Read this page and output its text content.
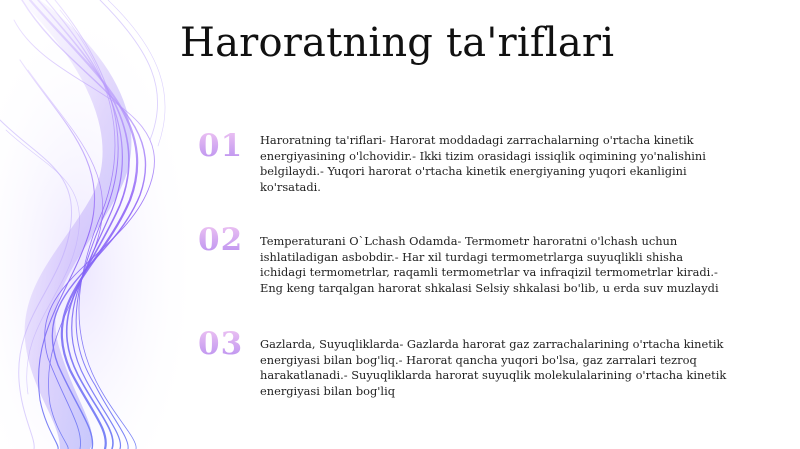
Haroratning ta'riflari
01 Haroratning ta'riflari- Harorat moddadagi zarrachalarning o'rtacha kinetik energiyasining o'lchovidir.- Ikki tizim orasidagi issiqlik oqimining yo'nalishini belgilaydi.- Yuqori harorat o'rtacha kinetik energiyaning yuqori ekanligini ko'rsatadi.
02 Temperaturani O`Lchash Odamda- Termometr haroratni o'lchash uchun ishlatiladigan asbobdir.- Har xil turdagi termometrlarga suyuqlikli shisha ichidagi termometrlar, raqamli termometrlar va infraqizil termometrlar kiradi.- Eng keng tarqalgan harorat shkalasi Selsiy shkalasi bo'lib, u erda suv muzlaydi
03 Gazlarda, Suyuqliklarda- Gazlarda harorat gaz zarrachalarining o'rtacha kinetik energiyasi bilan bog'liq.- Harorat qancha yuqori bo'lsa, gaz zarralari tezroq harakatlanadi.- Suyuqliklarda harorat suyuqlik molekulalarining o'rtacha kinetik energiyasi bilan bog'liq
